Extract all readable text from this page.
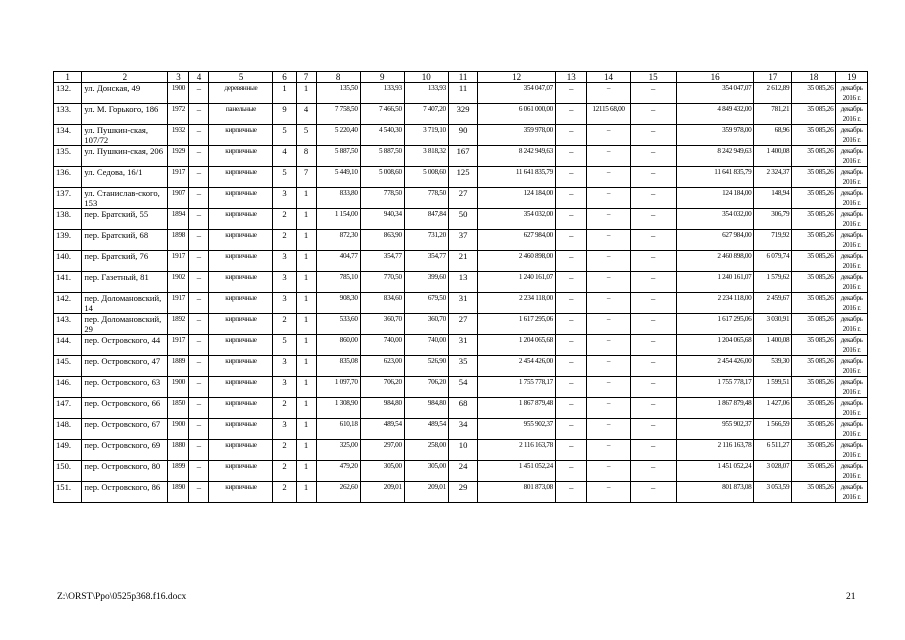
1	2	3	4	5	6	7	8	9	10	11	12	13	14	15	16	17	18	19
132.	ул. Донская, 49	1900	–	деревянные	1	1	135,50	133,93	133,93	11	354 047,07	–	–	–	354 047,07	2 612,89	35 085,26	декабрь 2016 г.
133.	ул. М. Горького, 186	1972	–	панельные	9	4	7 758,50	7 466,50	7 407,20	329	6 061 000,00	–	12115 68,00	–	4 849 432,00	781,21	35 085,26	декабрь 2016 г.
134.	ул. Пушкин-ская, 107/72	1932	–	кирпичные	5	5	5 220,40	4 540,30	3 719,10	90	359 978,00	–	–	–	359 978,00	68,96	35 085,26	декабрь 2016 г.
135.	ул. Пушкин-ская, 206	1929	–	кирпичные	4	8	5 887,50	5 887,50	3 818,32	167	8 242 949,63	–	–	–	8 242 949,63	1 400,08	35 085,26	декабрь 2016 г.
136.	ул. Седова, 16/1	1917	–	кирпичные	5	7	5 449,10	5 008,60	5 008,60	125	11 641 835,79	–	–	–	11 641 835,79	2 324,37	35 085,26	декабрь 2016 г.
137.	ул. Станислав-ского, 153	1907	–	кирпичные	3	1	833,80	778,50	778,50	27	124 184,00	–	–	–	124 184,00	148,94	35 085,26	декабрь 2016 г.
138.	пер. Братский, 55	1894	–	кирпичные	2	1	1 154,00	940,34	847,84	50	354 032,00	–	–	–	354 032,00	306,79	35 085,26	декабрь 2016 г.
139.	пер. Братский, 68	1898	–	кирпичные	2	1	872,30	863,90	731,20	37	627 984,00	–	–	–	627 984,00	719,92	35 085,26	декабрь 2016 г.
140.	пер. Братский, 76	1917	–	кирпичные	3	1	404,77	354,77	354,77	21	2 460 898,00	–	–	–	2 460 898,00	6 079,74	35 085,26	декабрь 2016 г.
141.	пер. Газетный, 81	1902	–	кирпичные	3	1	785,10	770,50	399,60	13	1 240 161,07	–	–	–	1 240 161,07	1 579,62	35 085,26	декабрь 2016 г.
142.	пер. Доломановский, 14	1917	–	кирпичные	3	1	908,30	834,60	679,50	31	2 234 118,00	–	–	–	2 234 118,00	2 459,67	35 085,26	декабрь 2016 г.
143.	пер. Доломановский, 29	1892	–	кирпичные	2	1	533,60	360,70	360,70	27	1 617 295,06	–	–	–	1 617 295,06	3 030,91	35 085,26	декабрь 2016 г.
144.	пер. Островского, 44	1917	–	кирпичные	5	1	860,00	740,00	740,00	31	1 204 065,68	–	–	–	1 204 065,68	1 400,08	35 085,26	декабрь 2016 г.
145.	пер. Островского, 47	1889	–	кирпичные	3	1	835,08	623,00	526,90	35	2 454 426,00	–	–	–	2 454 426,00	539,30	35 085,26	декабрь 2016 г.
146.	пер. Островского, 63	1900	–	кирпичные	3	1	1 097,70	706,20	706,20	54	1 755 778,17	–	–	–	1 755 778,17	1 599,51	35 085,26	декабрь 2016 г.
147.	пер. Островского, 66	1850	–	кирпичные	2	1	1 308,90	984,80	984,80	68	1 867 879,48	–	–	–	1 867 879,48	1 427,06	35 085,26	декабрь 2016 г.
148.	пер. Островского, 67	1900	–	кирпичные	3	1	610,18	489,54	489,54	34	955 902,37	–	–	–	955 902,37	1 566,59	35 085,26	декабрь 2016 г.
149.	пер. Островского, 69	1880	–	кирпичные	2	1	325,00	297,00	258,00	10	2 116 163,78	–	–	–	2 116 163,78	6 511,27	35 085,26	декабрь 2016 г.
150.	пер. Островского, 80	1899	–	кирпичные	2	1	479,20	305,00	305,00	24	1 451 052,24	–	–	–	1 451 052,24	3 028,07	35 085,26	декабрь 2016 г.
151.	пер. Островского, 86	1890	–	кирпичные	2	1	262,60	209,01	209,01	29	801 873,08	–	–	–	801 873,08	3 053,59	35 085,26	декабрь 2016 г.
Z:\ORST\Ppo\0525p368.f16.docx	21
